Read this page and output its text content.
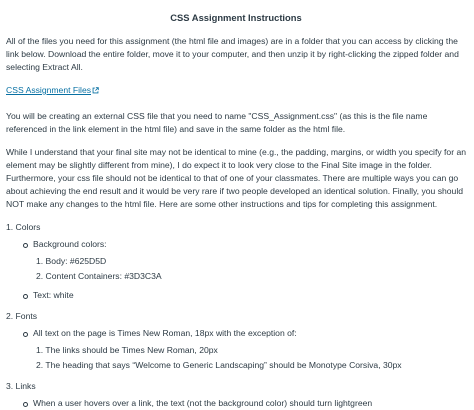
CSS Assignment Instructions

All of the files you need for this assignment (the html file and images) are in a folder that you can access by clicking the link below. Download the entire folder, move it to your computer, and then unzip it by right-clicking the zipped folder and selecting Extract All.

CSS Assignment Files

You will be creating an external CSS file that you need to name "CSS_Assignment.css" (as this is the file name referenced in the link element in the html file) and save in the same folder as the html file.

While I understand that your final site may not be identical to mine (e.g., the padding, margins, or width you specify for an element may be slightly different from mine), I do expect it to look very close to the Final Site image in the folder. Furthermore, your css file should not be identical to that of one of your classmates. There are multiple ways you can go about achieving the end result and it would be very rare if two people developed an identical solution. Finally, you should NOT make any changes to the html file. Here are some other instructions and tips for completing this assignment.

1. Colors
Background colors:
1. Body: #625D5D
2. Content Containers: #3D3C3A
Text: white
2. Fonts
All text on the page is Times New Roman, 18px with the exception of:
1. The links should be Times New Roman, 20px
2. The heading that says “Welcome to Generic Landscaping” should be Monotype Corsiva, 30px
3. Links
When a user hovers over a link, the text (not the background color) should turn lightgreen
